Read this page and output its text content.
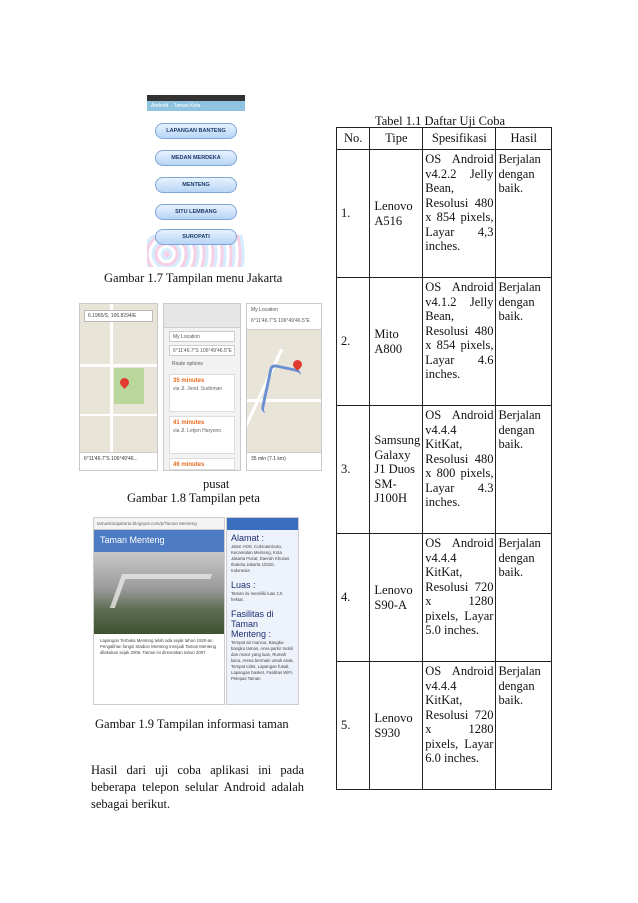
Android Taman Kota
LAPANGAN BANTENG
MEDAN MERDEKA
MENTENG
SITU LEMBANG
SUROPATI
Gambar 1.7 Tampilan menu Jakarta
6.1965/S, 106.8294/E
6°11'46.7"S 106°49'46...
My Location
6°11'46.7"S 106°49'46.5"E
Route options
35 minutes
via Jl. Jend. Sudirman
41 minutes
via Jl. Letjen Haryono
46 minutes
My Location
6°11'46.7"S 106°49'46.5"E
35 min (7.1 km)
pusat
Gambar 1.8 Tampilan peta
tamankotajakarta.blogspot.com/p/Taman Menteng
Taman Menteng
Lapangan Terbuka Menteng telah ada sejak tahun 1920-an. Pengalihan fungsi Stadion Menteng menjadi Taman Menteng dilakukan sejak 2006. Taman ini diresmikan tahun 2007.
Alamat :
Jalan HOS. Cokroaminoto, Kecamatan Menteng, Kota Jakarta Pusat, Daerah Khusus Ibukota Jakarta 10310, Indonesia
Luas :
Taman ini memiliki luas 2,5 hektar.
Fasilitas di Taman Menteng :
Tempat air mancur, Bangku-bangku taman, Area parkir mobil dan motor yang luas, Rumah kaca, Arena bermain untuk anak, Tempat toilet, Lapangan futsal, Lapangan basket, Fasilitas WiFi, Pelepas Taman
Gambar 1.9 Tampilan informasi taman
Hasil dari uji coba aplikasi ini pada beberapa telepon selular Android adalah sebagai berikut.
Tabel 1.1 Daftar Uji Coba
No.	Tipe	Spesifikasi	Hasil
1.	Lenovo A516	OS Android v4.2.2 Jelly Bean, Resolusi 480 x 854 pixels, Layar 4,3 inches.	Berjalan dengan baik.
2.	Mito A800	OS Android v4.1.2 Jelly Bean, Resolusi 480 x 854 pixels, Layar 4.6 inches.	Berjalan dengan baik.
3.	Samsung Galaxy J1 Duos SM-J100H	OS Android v4.4.4 KitKat, Resolusi 480 x 800 pixels, Layar 4.3 inches.	Berjalan dengan baik.
4.	Lenovo S90-A	OS Android v4.4.4 KitKat, Resolusi 720 x 1280 pixels, Layar 5.0 inches.	Berjalan dengan baik.
5.	Lenovo S930	OS Android v4.4.4 KitKat, Resolusi 720 x 1280 pixels, Layar 6.0 inches.	Berjalan dengan baik.
